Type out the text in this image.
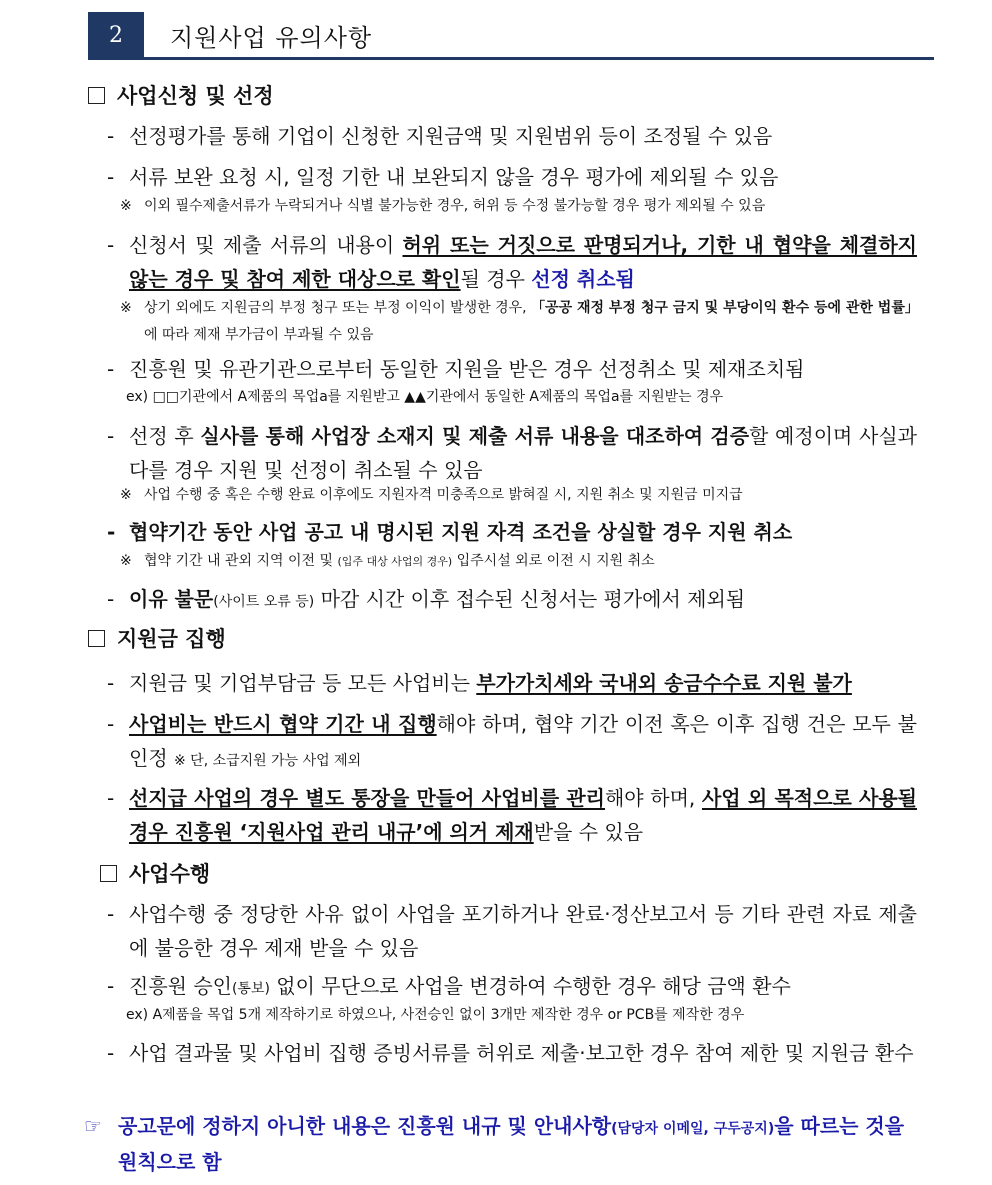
2	지원사업 유의사항
사업신청 및 선정
- 선정평가를 통해 기업이 신청한 지원금액 및 지원범위 등이 조정될 수 있음
- 서류 보완 요청 시, 일정 기한 내 보완되지 않을 경우 평가에 제외될 수 있음
※ 이외 필수제출서류가 누락되거나 식별 불가능한 경우, 허위 등 수정 불가능할 경우 평가 제외될 수 있음
- 신청서 및 제출 서류의 내용이 허위 또는 거짓으로 판명되거나, 기한 내 협약을 체결하지 않는 경우 및 참여 제한 대상으로 확인될 경우 선정 취소됨
※ 상기 외에도 지원금의 부정 청구 또는 부정 이익이 발생한 경우, 「공공 재정 부정 청구 금지 및 부당이익 환수 등에 관한 법률」에 따라 제재 부가금이 부과될 수 있음
- 진흥원 및 유관기관으로부터 동일한 지원을 받은 경우 선정취소 및 제재조치됨
ex) □□기관에서 A제품의 목업a를 지원받고 ▲▲기관에서 동일한 A제품의 목업a를 지원받는 경우
- 선정 후 실사를 통해 사업장 소재지 및 제출 서류 내용을 대조하여 검증할 예정이며 사실과 다를 경우 지원 및 선정이 취소될 수 있음
※ 사업 수행 중 혹은 수행 완료 이후에도 지원자격 미충족으로 밝혀질 시, 지원 취소 및 지원금 미지급
- 협약기간 동안 사업 공고 내 명시된 지원 자격 조건을 상실할 경우 지원 취소
※ 협약 기간 내 관외 지역 이전 및 (입주 대상 사업의 경우) 입주시설 외로 이전 시 지원 취소
- 이유 불문(사이트 오류 등) 마감 시간 이후 접수된 신청서는 평가에서 제외됨
지원금 집행
- 지원금 및 기업부담금 등 모든 사업비는 부가가치세와 국내외 송금수수료 지원 불가
- 사업비는 반드시 협약 기간 내 집행해야 하며, 협약 기간 이전 혹은 이후 집행 건은 모두 불인정 ※ 단, 소급지원 가능 사업 제외
- 선지급 사업의 경우 별도 통장을 만들어 사업비를 관리해야 하며, 사업 외 목적으로 사용될 경우 진흥원 ‘지원사업 관리 내규’에 의거 제재받을 수 있음
사업수행
- 사업수행 중 정당한 사유 없이 사업을 포기하거나 완료·정산보고서 등 기타 관련 자료 제출에 불응한 경우 제재 받을 수 있음
- 진흥원 승인(통보) 없이 무단으로 사업을 변경하여 수행한 경우 해당 금액 환수
ex) A제품을 목업 5개 제작하기로 하였으나, 사전승인 없이 3개만 제작한 경우 or PCB를 제작한 경우
- 사업 결과물 및 사업비 집행 증빙서류를 허위로 제출·보고한 경우 참여 제한 및 지원금 환수
☞ 공고문에 정하지 아니한 내용은 진흥원 내규 및 안내사항(담당자 이메일, 구두공지)을 따르는 것을 원칙으로 함
